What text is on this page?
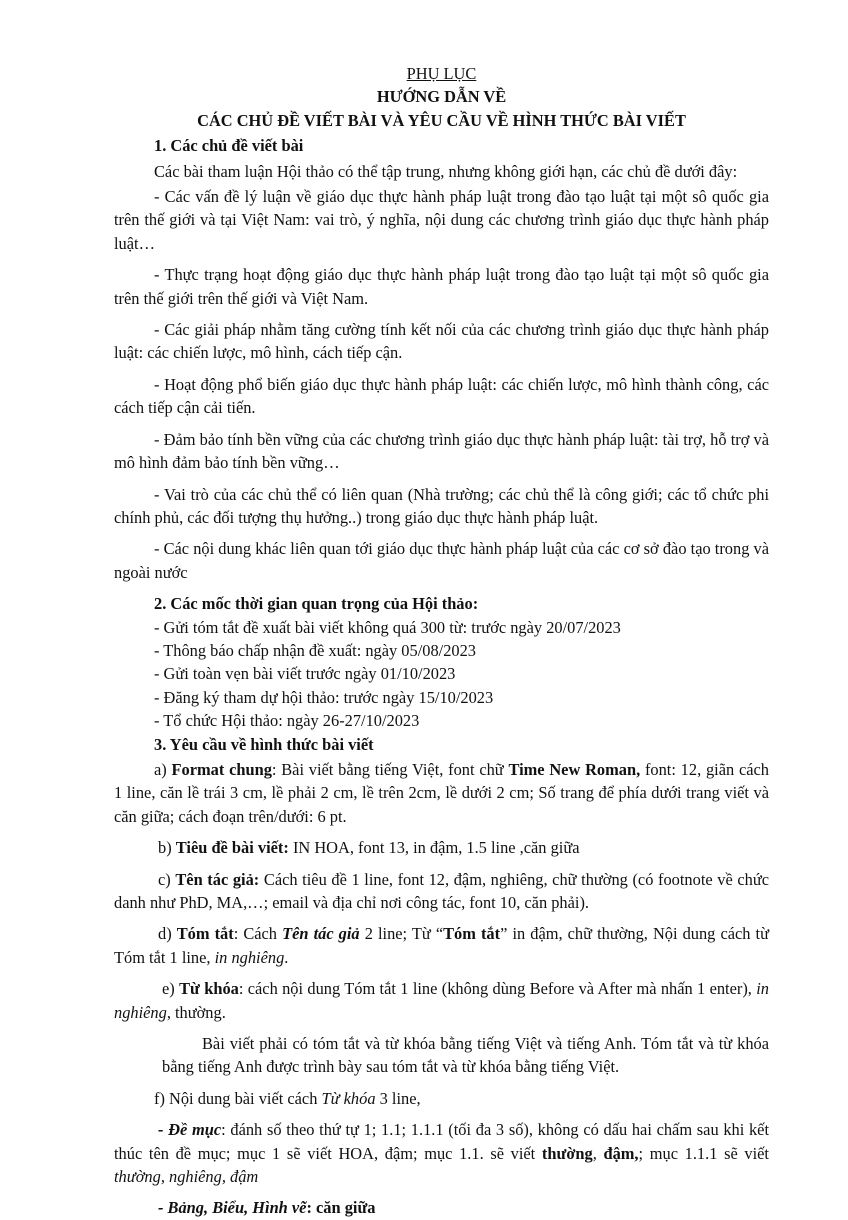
PHỤ LỤC

HƯỚNG DẪN VỀ

CÁC CHỦ ĐỀ VIẾT BÀI VÀ YÊU CẦU VỀ HÌNH THỨC BÀI VIẾT

1. Các chủ đề viết bài

Các bài tham luận Hội thảo có thể tập trung, nhưng không giới hạn, các chủ đề dưới đây:

- Các vấn đề lý luận về giáo dục thực hành pháp luật trong đào tạo luật tại một sô quốc gia trên thế giới và tại Việt Nam: vai trò, ý nghĩa, nội dung các chương trình giáo dục thực hành pháp luật…

- Thực trạng hoạt động giáo dục thực hành pháp luật trong đào tạo luật tại một sô quốc gia trên thế giới trên thế giới và Việt Nam.

- Các giải pháp nhằm tăng cường tính kết nối của các chương trình giáo dục thực hành pháp luật: các chiến lược, mô hình, cách tiếp cận.

- Hoạt động phổ biến giáo dục thực hành pháp luật: các chiến lược, mô hình thành công, các cách tiếp cận cải tiến.

- Đảm bảo tính bền vững của các chương trình giáo dục thực hành pháp luật: tài trợ, hỗ trợ và mô hình đảm bảo tính bền vững…

- Vai trò của các chủ thể có liên quan (Nhà trường; các chủ thể là công giới; các tổ chức phi chính phủ, các đối tượng thụ hưởng..) trong giáo dục thực hành pháp luật.

- Các nội dung khác liên quan tới giáo dục thực hành pháp luật của các cơ sở đào tạo trong và ngoài nước

2. Các mốc thời gian quan trọng của Hội thảo:

- Gửi tóm tắt đề xuất bài viết không quá 300 từ: trước ngày 20/07/2023

- Thông báo chấp nhận đề xuất: ngày 05/08/2023

- Gửi toàn vẹn bài viết trước ngày 01/10/2023

- Đăng ký tham dự hội thảo: trước ngày 15/10/2023

- Tổ chức Hội thảo: ngày 26-27/10/2023

3. Yêu cầu về hình thức bài viết

a) Format chung: Bài viết bằng tiếng Việt, font chữ Time New Roman, font: 12, giãn cách 1 line, căn lề trái 3 cm, lề phải 2 cm, lề trên 2cm, lề dưới 2 cm; Số trang để phía dưới trang viết và căn giữa; cách đoạn trên/dưới: 6 pt.

b) Tiêu đề bài viết: IN HOA, font 13, in đậm, 1.5 line ,căn giữa

c) Tên tác giả: Cách tiêu đề 1 line, font 12, đậm, nghiêng, chữ thường (có footnote về chức danh như PhD, MA,…; email và địa chỉ nơi công tác, font 10, căn phải).

d) Tóm tắt: Cách Tên tác giả 2 line; Từ “Tóm tắt” in đậm, chữ thường, Nội dung cách từ Tóm tắt 1 line, in nghiêng.

e) Từ khóa: cách nội dung Tóm tắt 1 line (không dùng Before và After mà nhấn 1 enter), in nghiêng, thường.

Bài viết phải có tóm tắt và từ khóa bằng tiếng Việt và tiếng Anh. Tóm tắt và từ khóa bằng tiếng Anh được trình bày sau tóm tắt và từ khóa bằng tiếng Việt.

f) Nội dung bài viết cách Từ khóa 3 line,

- Đề mục: đánh số theo thứ tự 1; 1.1; 1.1.1 (tối đa 3 số), không có dấu hai chấm sau khi kết thúc tên đề mục; mục 1 sẽ viết HOA, đậm; mục 1.1. sẽ viết thường, đậm,; mục 1.1.1 sẽ viết thường, nghiêng, đậm

- Bảng, Biểu, Hình vẽ: căn giữa
